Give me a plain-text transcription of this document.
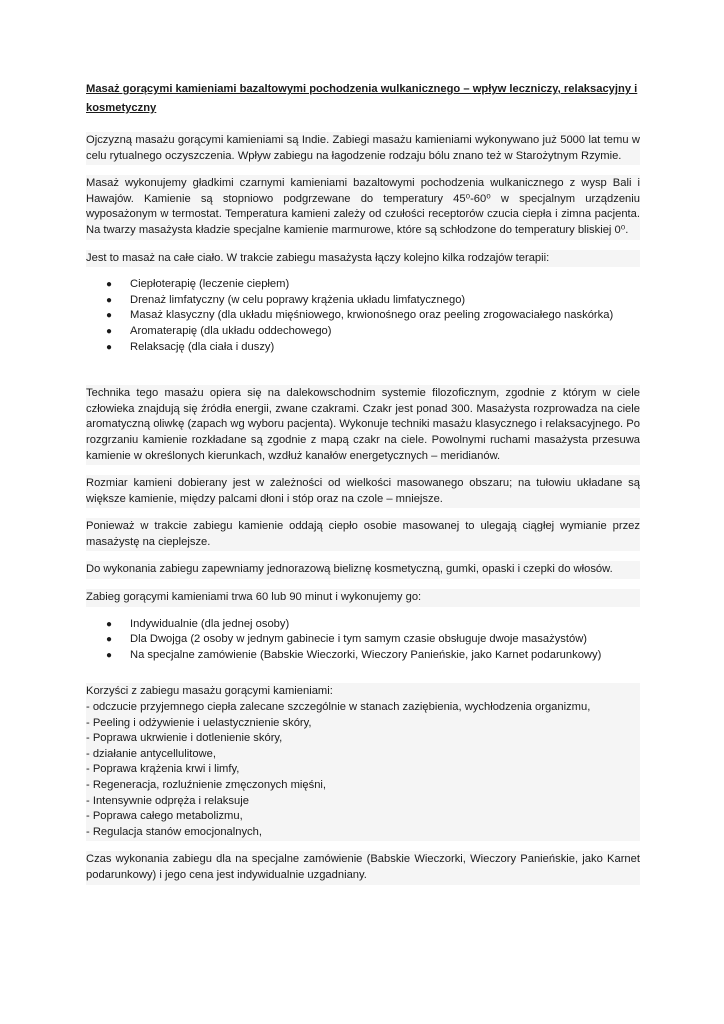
Masaż gorącymi kamieniami bazaltowymi pochodzenia wulkanicznego – wpływ leczniczy, relaksacyjny i kosmetyczny

Ojczyzną masażu gorącymi kamieniami są Indie. Zabiegi masażu kamieniami wykonywano już 5000 lat temu w celu rytualnego oczyszczenia. Wpływ zabiegu na łagodzenie rodzaju bólu znano też w Starożytnym Rzymie.

Masaż wykonujemy gładkimi czarnymi kamieniami bazaltowymi pochodzenia wulkanicznego z wysp Bali i Hawajów. Kamienie są stopniowo podgrzewane do temperatury 45⁰-60⁰ w specjalnym urządzeniu wyposażonym w termostat. Temperatura kamieni zależy od czułości receptorów czucia ciepła i zimna pacjenta. Na twarzy masażysta kładzie specjalne kamienie marmurowe, które są schłodzone do temperatury bliskiej 0⁰.

Jest to masaż na całe ciało. W trakcie zabiegu masażysta łączy kolejno kilka rodzajów terapii:

● Ciepłoterapię (leczenie ciepłem)
● Drenaż limfatyczny (w celu poprawy krążenia układu limfatycznego)
● Masaż klasyczny (dla układu mięśniowego, krwionośnego oraz peeling zrogowaciałego naskórka)
● Aromaterapię (dla układu oddechowego)
● Relaksację (dla ciała i duszy)

Technika tego masażu opiera się na dalekowschodnim systemie filozoficznym, zgodnie z którym w ciele człowieka znajdują się źródła energii, zwane czakrami. Czakr jest ponad 300. Masażysta rozprowadza na ciele aromatyczną oliwkę (zapach wg wyboru pacjenta). Wykonuje techniki masażu klasycznego i relaksacyjnego. Po rozgrzaniu kamienie rozkładane są zgodnie z mapą czakr na ciele. Powolnymi ruchami masażysta przesuwa kamienie w określonych kierunkach, wzdłuż kanałów energetycznych – meridianów.

Rozmiar kamieni dobierany jest w zależności od wielkości masowanego obszaru; na tułowiu układane są większe kamienie, między palcami dłoni i stóp oraz na czole – mniejsze.

Ponieważ w trakcie zabiegu kamienie oddają ciepło osobie masowanej to ulegają ciągłej wymianie przez masażystę na cieplejsze.

Do wykonania zabiegu zapewniamy jednorazową bieliznę kosmetyczną, gumki, opaski i czepki do włosów.

Zabieg gorącymi kamieniami trwa 60 lub 90 minut i wykonujemy go:

● Indywidualnie (dla jednej osoby)
● Dla Dwojga (2 osoby w jednym gabinecie i tym samym czasie obsługuje dwoje masażystów)
● Na specjalne zamówienie (Babskie Wieczorki, Wieczory Panieńskie, jako Karnet podarunkowy)
Korzyści z zabiegu masażu gorącymi kamieniami:
- odczucie przyjemnego ciepła zalecane szczególnie w stanach zaziębienia, wychłodzenia organizmu,
- Peeling i odżywienie i uelastycznienie skóry,
- Poprawa ukrwienie i dotlenienie skóry,
- działanie antycellulitowe,
- Poprawa krążenia krwi i limfy,
- Regeneracja, rozluźnienie zmęczonych mięśni,
- Intensywnie odpręża i relaksuje
- Poprawa całego metabolizmu,
- Regulacja stanów emocjonalnych,

Czas wykonania zabiegu dla na specjalne zamówienie (Babskie Wieczorki, Wieczory Panieńskie, jako Karnet podarunkowy) i jego cena jest indywidualnie uzgadniany.
